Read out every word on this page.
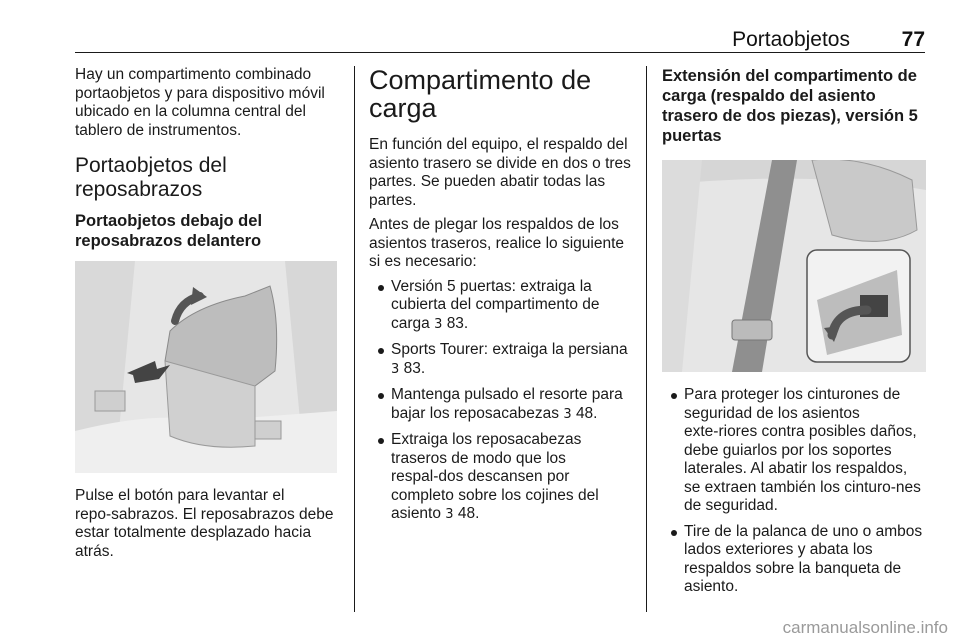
Portaobjetos 77

Hay un compartimento combinado portaobjetos y para dispositivo móvil ubicado en la columna central del tablero de instrumentos.

Portaobjetos del reposabrazos
Portaobjetos debajo del reposabrazos delantero

Pulse el botón para levantar el repo‑sabrazos. El reposabrazos debe estar totalmente desplazado hacia atrás.

Compartimento de carga

En función del equipo, el respaldo del asiento trasero se divide en dos o tres partes. Se pueden abatir todas las partes.

Antes de plegar los respaldos de los asientos traseros, realice lo siguiente si es necesario:

Versión 5 puertas: extraiga la cubierta del compartimento de carga 3 83.
Sports Tourer: extraiga la persiana 3 83.
Mantenga pulsado el resorte para bajar los reposacabezas 3 48.
Extraiga los reposacabezas traseros de modo que los respal‑dos descansen por completo sobre los cojines del asiento 3 48.
Extensión del compartimento de carga (respaldo del asiento trasero de dos piezas), versión 5 puertas
Para proteger los cinturones de seguridad de los asientos exte‑riores contra posibles daños, debe guiarlos por los soportes laterales. Al abatir los respaldos, se extraen también los cinturo‑nes de seguridad.
Tire de la palanca de uno o ambos lados exteriores y abata los respaldos sobre la banqueta de asiento.
carmanualsonline.info
